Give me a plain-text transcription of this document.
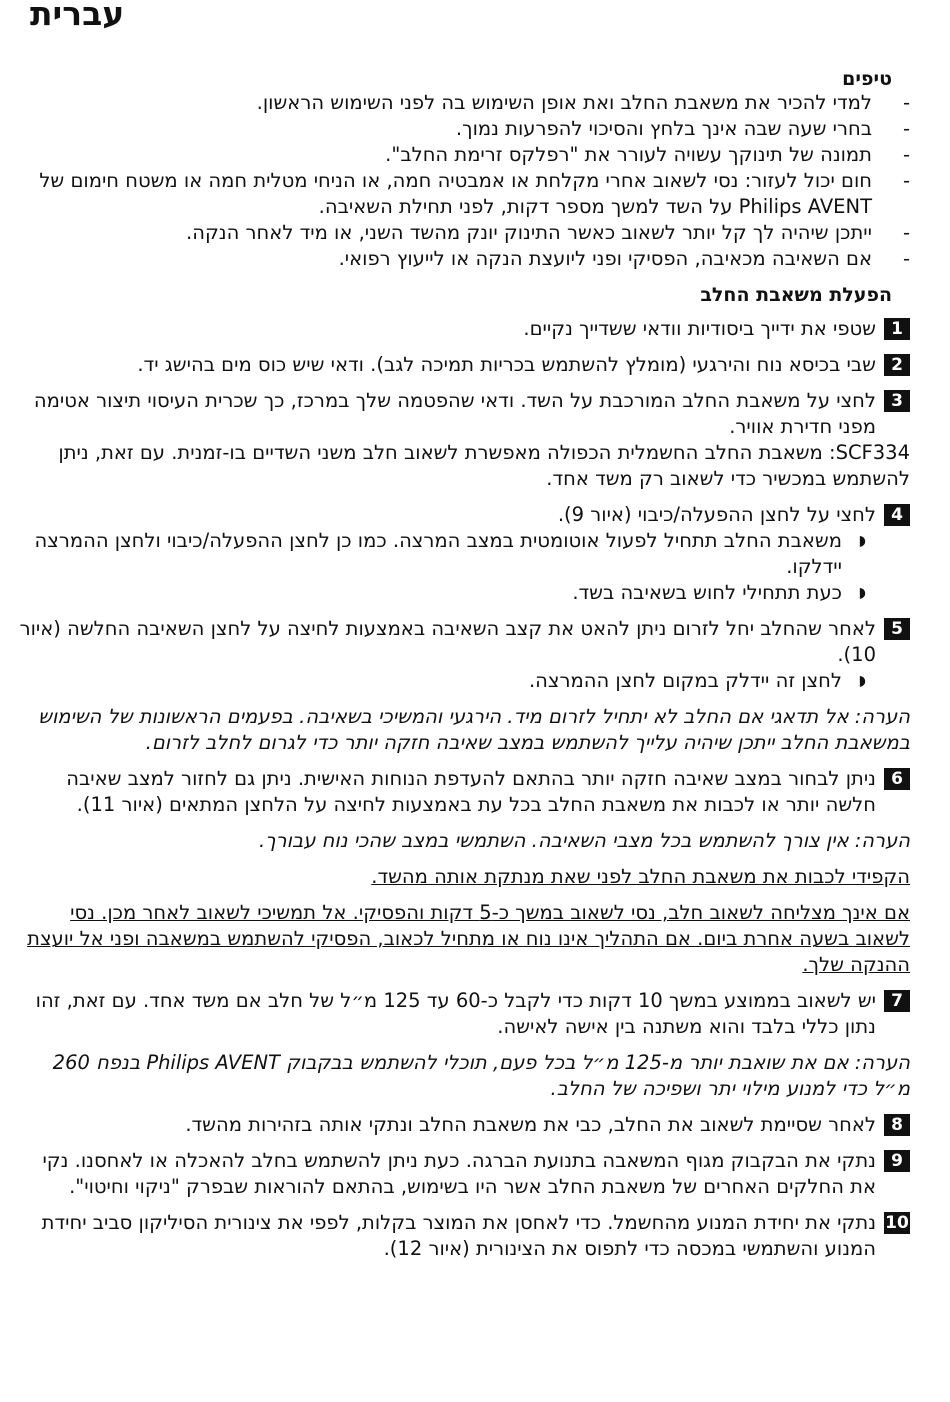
עברית

טיפים

- למדי להכיר את משאבת החלב ואת אופן השימוש בה לפני השימוש הראשון.
- בחרי שעה שבה אינך בלחץ והסיכוי להפרעות נמוך.
- תמונה של תינוקך עשויה לעורר את "רפלקס זרימת החלב".
- חום יכול לעזור: נסי לשאוב אחרי מקלחת או אמבטיה חמה, או הניחי מטלית חמה או משטח חימום של Philips AVENT על השד למשך מספר דקות, לפני תחילת השאיבה.
- ייתכן שיהיה לך קל יותר לשאוב כאשר התינוק יונק מהשד השני, או מיד לאחר הנקה.
- אם השאיבה מכאיבה, הפסיקי ופני ליועצת הנקה או לייעוץ רפואי.

הפעלת משאבת החלב

1
שטפי את ידייך ביסודיות וודאי ששדייך נקיים.
2
שבי בכיסא נוח והירגעי (מומלץ להשתמש בכריות תמיכה לגב). ודאי שיש כוס מים בהישג יד.
3
לחצי על משאבת החלב המורכבת על השד. ודאי שהפטמה שלך במרכז, כך שכרית העיסוי תיצור אטימה מפני חדירת אוויר.

SCF334: משאבת החלב החשמלית הכפולה מאפשרת לשאוב חלב משני השדיים בו-זמנית. עם זאת, ניתן להשתמש במכשיר כדי לשאוב רק משד אחד.

4
לחצי על לחצן ההפעלה/כיבוי (איור 9).
◗ משאבת החלב תתחיל לפעול אוטומטית במצב המרצה. כמו כן לחצן ההפעלה/כיבוי ולחצן ההמרצה יידלקו.
◗ כעת תתחילי לחוש בשאיבה בשד.
5
לאחר שהחלב יחל לזרום ניתן להאט את קצב השאיבה באמצעות לחיצה על לחצן השאיבה החלשה (איור 10).
◗ לחצן זה יידלק במקום לחצן ההמרצה.

הערה: אל תדאגי אם החלב לא יתחיל לזרום מיד. הירגעי והמשיכי בשאיבה. בפעמים הראשונות של השימוש במשאבת החלב ייתכן שיהיה עלייך להשתמש במצב שאיבה חזקה יותר כדי לגרום לחלב לזרום.

6
ניתן לבחור במצב שאיבה חזקה יותר בהתאם להעדפת הנוחות האישית. ניתן גם לחזור למצב שאיבה חלשה יותר או לכבות את משאבת החלב בכל עת באמצעות לחיצה על הלחצן המתאים (איור 11).

הערה: אין צורך להשתמש בכל מצבי השאיבה. השתמשי במצב שהכי נוח עבורך.

הקפידי לכבות את משאבת החלב לפני שאת מנתקת אותה מהשד.

אם אינך מצליחה לשאוב חלב, נסי לשאוב במשך כ-5 דקות והפסיקי. אל תמשיכי לשאוב לאחר מכן. נסי לשאוב בשעה אחרת ביום. אם התהליך אינו נוח או מתחיל לכאוב, הפסיקי להשתמש במשאבה ופני אל יועצת ההנקה שלך.

7
יש לשאוב בממוצע במשך 10 דקות כדי לקבל כ-60 עד 125 מ״ל של חלב אם משד אחד. עם זאת, זהו נתון כללי בלבד והוא משתנה בין אישה לאישה.

הערה: אם את שואבת יותר מ-125 מ״ל בכל פעם, תוכלי להשתמש בבקבוק Philips AVENT בנפח 260 מ״ל כדי למנוע מילוי יתר ושפיכה של החלב.

8
לאחר שסיימת לשאוב את החלב, כבי את משאבת החלב ונתקי אותה בזהירות מהשד.
9
נתקי את הבקבוק מגוף המשאבה בתנועת הברגה. כעת ניתן להשתמש בחלב להאכלה או לאחסנו. נקי את החלקים האחרים של משאבת החלב אשר היו בשימוש, בהתאם להוראות שבפרק "ניקוי וחיטוי".
10
נתקי את יחידת המנוע מהחשמל. כדי לאחסן את המוצר בקלות, לפפי את צינורית הסיליקון סביב יחידת המנוע והשתמשי במכסה כדי לתפוס את הצינורית (איור 12).
